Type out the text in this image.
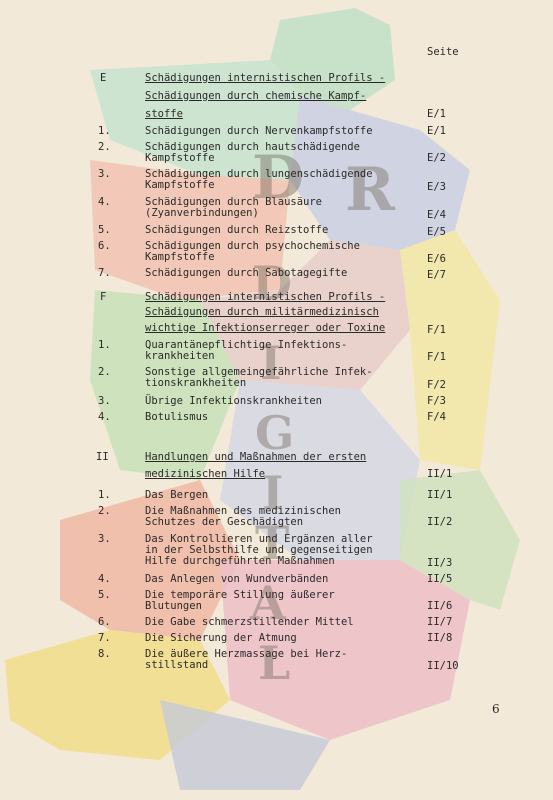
D R
D
I
G
I
T
A
L
Seite
E	Schädigungen internistischen Profils -
Schädigungen durch chemische Kampf-
stoffe	E/1
1.	Schädigungen durch Nervenkampfstoffe	E/1
2.	Schädigungen durch hautschädigende
Kampfstoffe	E/2
3.	Schädigungen durch lungenschädigende
Kampfstoffe	E/3
4.	Schädigungen durch Blausäure
(Zyanverbindungen)	E/4
5.	Schädigungen durch Reizstoffe	E/5
6.	Schädigungen durch psychochemische
Kampfstoffe	E/6
7.	Schädigungen durch Sabotagegifte	E/7
F	Schädigungen internistischen Profils -
Schädigungen durch militärmedizinisch
wichtige Infektionserreger oder Toxine	F/1
1.	Quarantänepflichtige Infektions-
krankheiten	F/1
2.	Sonstige allgemeingefährliche Infek-
tionskrankheiten	F/2
3.	Übrige Infektionskrankheiten	F/3
4.	Botulismus	F/4
II	Handlungen und Maßnahmen der ersten
medizinischen Hilfe	II/1
1.	Das Bergen	II/1
2.	Die Maßnahmen des medizinischen
Schutzes der Geschädigten	II/2
3.	Das Kontrollieren und Ergänzen aller
in der Selbsthilfe und gegenseitigen
Hilfe durchgeführten Maßnahmen	II/3
4.	Das Anlegen von Wundverbänden	II/5
5.	Die temporäre Stillung äußerer
Blutungen	II/6
6.	Die Gabe schmerzstillender Mittel	II/7
7.	Die Sicherung der Atmung	II/8
8.	Die äußere Herzmassage bei Herz-
stillstand	II/10
6
